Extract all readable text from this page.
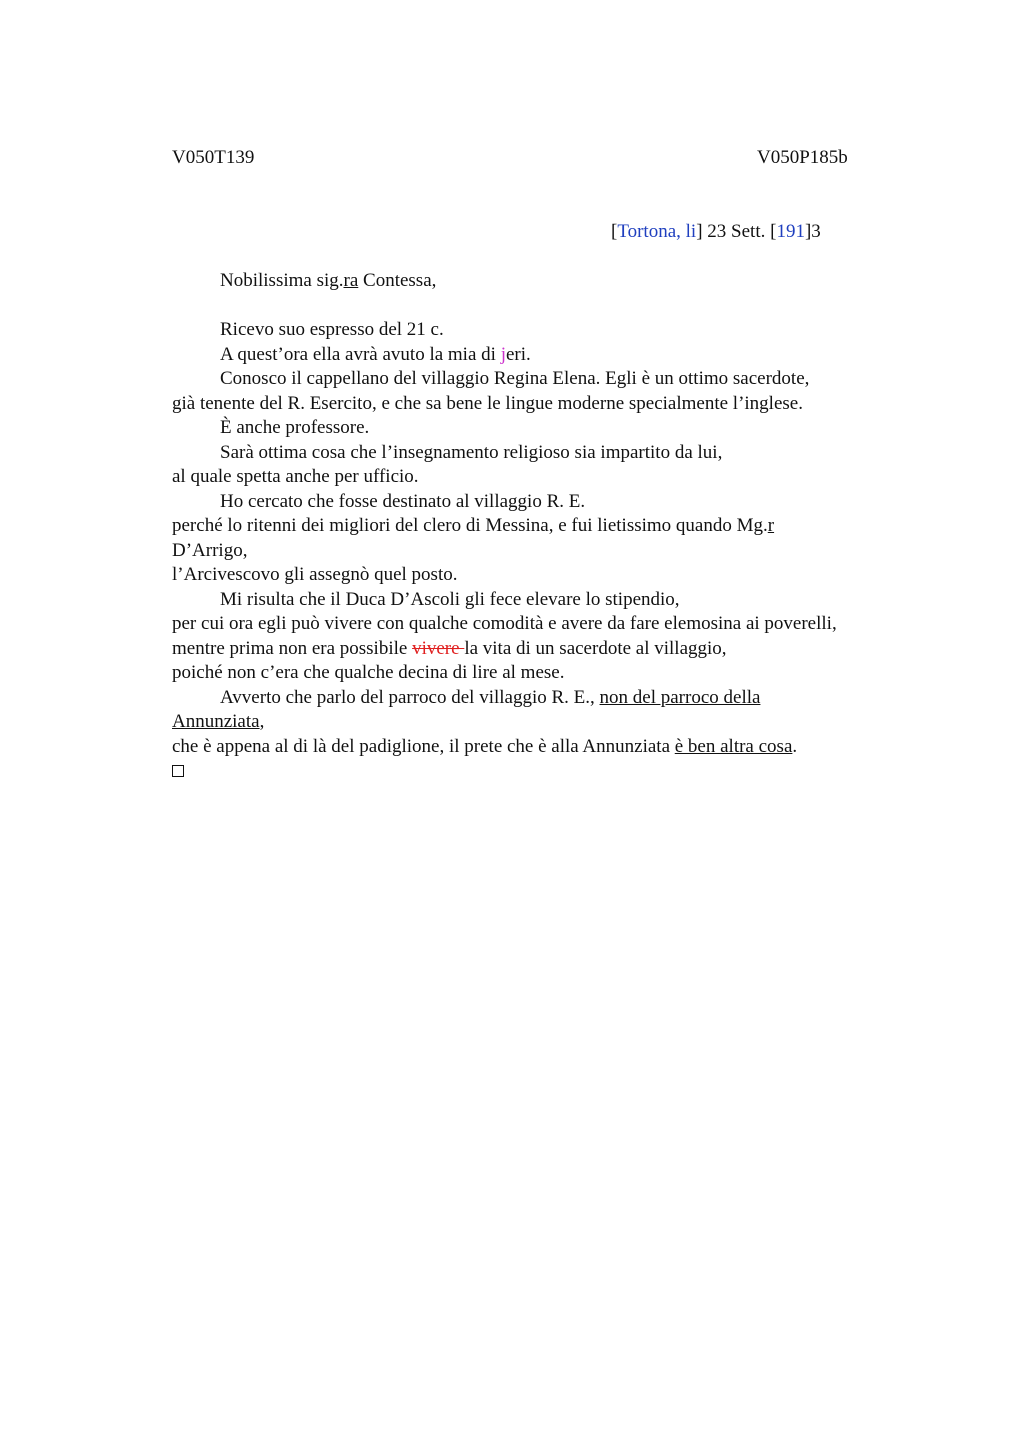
V050T139	V050P185b
[Tortona, li] 23 Sett. [191]3
Nobilissima sig.ra Contessa,
Ricevo suo espresso del 21 c.
A quest’ora ella avrà avuto la mia di jeri.
Conosco il cappellano del villaggio Regina Elena. Egli è un ottimo sacerdote,
già tenente del R. Esercito, e che sa bene le lingue moderne specialmente l’inglese.
È anche professore.
Sarà ottima cosa che l’insegnamento religioso sia impartito da lui,
al quale spetta anche per ufficio.
Ho cercato che fosse destinato al villaggio R. E.
perché lo ritenni dei migliori del clero di Messina, e fui lietissimo quando Mg.r
D’Arrigo,
l’Arcivescovo gli assegnò quel posto.
Mi risulta che il Duca D’Ascoli gli fece elevare lo stipendio,
per cui ora egli può vivere con qualche comodità e avere da fare elemosina ai poverelli,
mentre prima non era possibile vivere la vita di un sacerdote al villaggio,
poiché non c’era che qualche decina di lire al mese.
Avverto che parlo del parroco del villaggio R. E., non del parroco della
Annunziata,
che è appena al di là del padiglione, il prete che è alla Annunziata è ben altra cosa.
